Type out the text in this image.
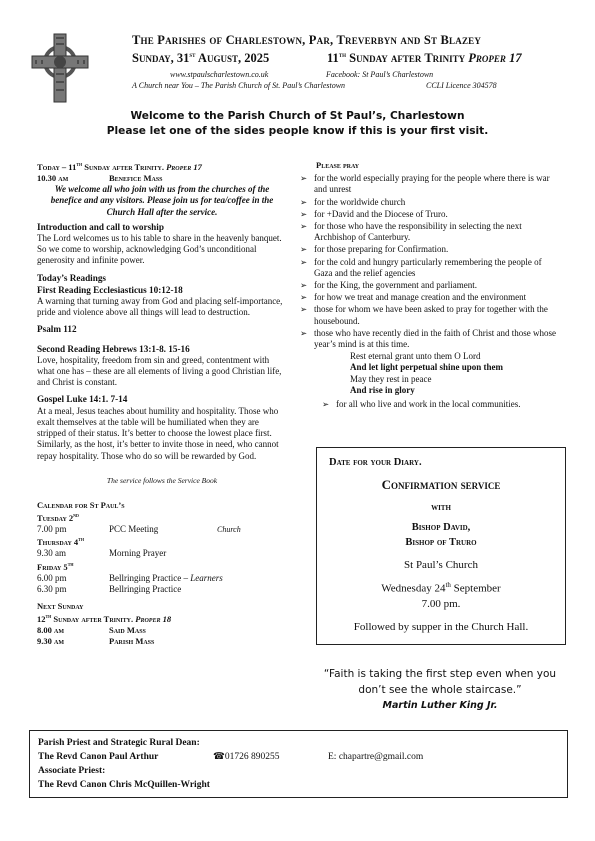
The Parishes of Charlestown, Par, Treverbyn and St Blazey
Sunday, 31st August, 2025	11th Sunday after Trinity Proper 17
www.stpaulscharlestown.co.uk	Facebook: St Paul’s Charlestown
A Church near You – The Parish Church of St. Paul’s Charlestown	CCLI Licence 304578
Welcome to the Parish Church of St Paul’s, Charlestown
Please let one of the sides people know if this is your first visit.
Today – 11th Sunday after Trinity. Proper 17
10.30 am	Benefice Mass

We welcome all who join with us from the churches of the benefice and any visitors. Please join us for tea/coffee in the Church Hall after the service.

Introduction and call to worship

The Lord welcomes us to his table to share in the heavenly banquet. So we come to worship, acknowledging God’s unconditional generosity and infinite power.

Today’s Readings
First Reading Ecclesiasticus 10:12-18

A warning that turning away from God and placing self-importance, pride and violence above all things will lead to destruction.

Psalm 112
Second Reading Hebrews 13:1-8. 15-16

Love, hospitality, freedom from sin and greed, contentment with what one has – these are all elements of living a good Christian life, and Christ is constant.

Gospel Luke 14:1. 7-14

At a meal, Jesus teaches about humility and hospitality. Those who exalt themselves at the table will be humiliated when they are stripped of their status. It’s better to choose the lowest place first. Similarly, as the host, it’s better to invite those in need, who cannot repay hospitality. Those who do so will be rewarded by God.

The service follows the Service Book

Calendar for St Paul’s
Tuesday 2nd
7.00 pm	PCC Meeting	Church
Thursday 4th
9.30 am	Morning Prayer
Friday 5th
6.00 pm	Bellringing Practice – Learners
6.30 pm	Bellringing Practice
Next Sunday
12th Sunday after Trinity. Proper 18
8.00 am	Said Mass
9.30 am	Parish Mass
Please pray
➢ for the world especially praying for the people where there is war and unrest
➢ for the worldwide church
➢ for +David and the Diocese of Truro.
➢ for those who have the responsibility in selecting the next Archbishop of Canterbury.
➢ for those preparing for Confirmation.
➢ for the cold and hungry particularly remembering the people of Gaza and the relief agencies
➢ for the King, the government and parliament.
➢ for how we treat and manage creation and the environment
➢ those for whom we have been asked to pray for together with the housebound.
➢ those who have recently died in the faith of Christ and those whose year’s mind is at this time.
Rest eternal grant unto them O Lord
And let light perpetual shine upon them
May they rest in peace
And rise in glory
➢ for all who live and work in the local communities.
Date for your Diary.
Confirmation service
with
Bishop David,
Bishop of Truro
St Paul’s Church
Wednesday 24th September
7.00 pm.
Followed by supper in the Church Hall.
“Faith is taking the first step even when you don’t see the whole staircase.”
Martin Luther King Jr.
Parish Priest and Strategic Rural Dean:
The Revd Canon Paul Arthur	☎01726 890255	E: chapartre@gmail.com
Associate Priest:
The Revd Canon Chris McQuillen-Wright
